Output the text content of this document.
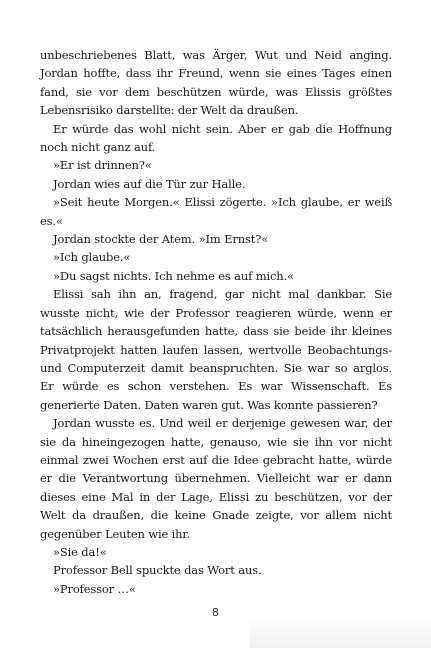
unbeschriebenes Blatt, was Ärger, Wut und Neid anging. Jordan hoffte, dass ihr Freund, wenn sie eines Tages einen fand, sie vor dem beschützen würde, was Elissis größtes Lebensrisiko darstellte: der Welt da draußen.

Er würde das wohl nicht sein. Aber er gab die Hoffnung noch nicht ganz auf.

»Er ist drinnen?«

Jordan wies auf die Tür zur Halle.

»Seit heute Morgen.« Elissi zögerte. »Ich glaube, er weiß es.«

Jordan stockte der Atem. »Im Ernst?«

»Ich glaube.«

»Du sagst nichts. Ich nehme es auf mich.«

Elissi sah ihn an, fragend, gar nicht mal dankbar. Sie wusste nicht, wie der Professor reagieren würde, wenn er tatsächlich herausgefunden hatte, dass sie beide ihr kleines Privatprojekt hatten laufen lassen, wertvolle Beobachtungs- und Computerzeit damit beanspruchten. Sie war so arglos. Er würde es schon verstehen. Es war Wissenschaft. Es generierte Daten. Daten waren gut. Was konnte passieren?

Jordan wusste es. Und weil er derjenige gewesen war, der sie da hineingezogen hatte, genauso, wie sie ihn vor nicht einmal zwei Wochen erst auf die Idee gebracht hatte, würde er die Verantwortung übernehmen. Vielleicht war er dann dieses eine Mal in der Lage, Elissi zu beschützen, vor der Welt da draußen, die keine Gnade zeigte, vor allem nicht gegenüber Leuten wie ihr.

»Sie da!«

Professor Bell spuckte das Wort aus.

»Professor …«

8
